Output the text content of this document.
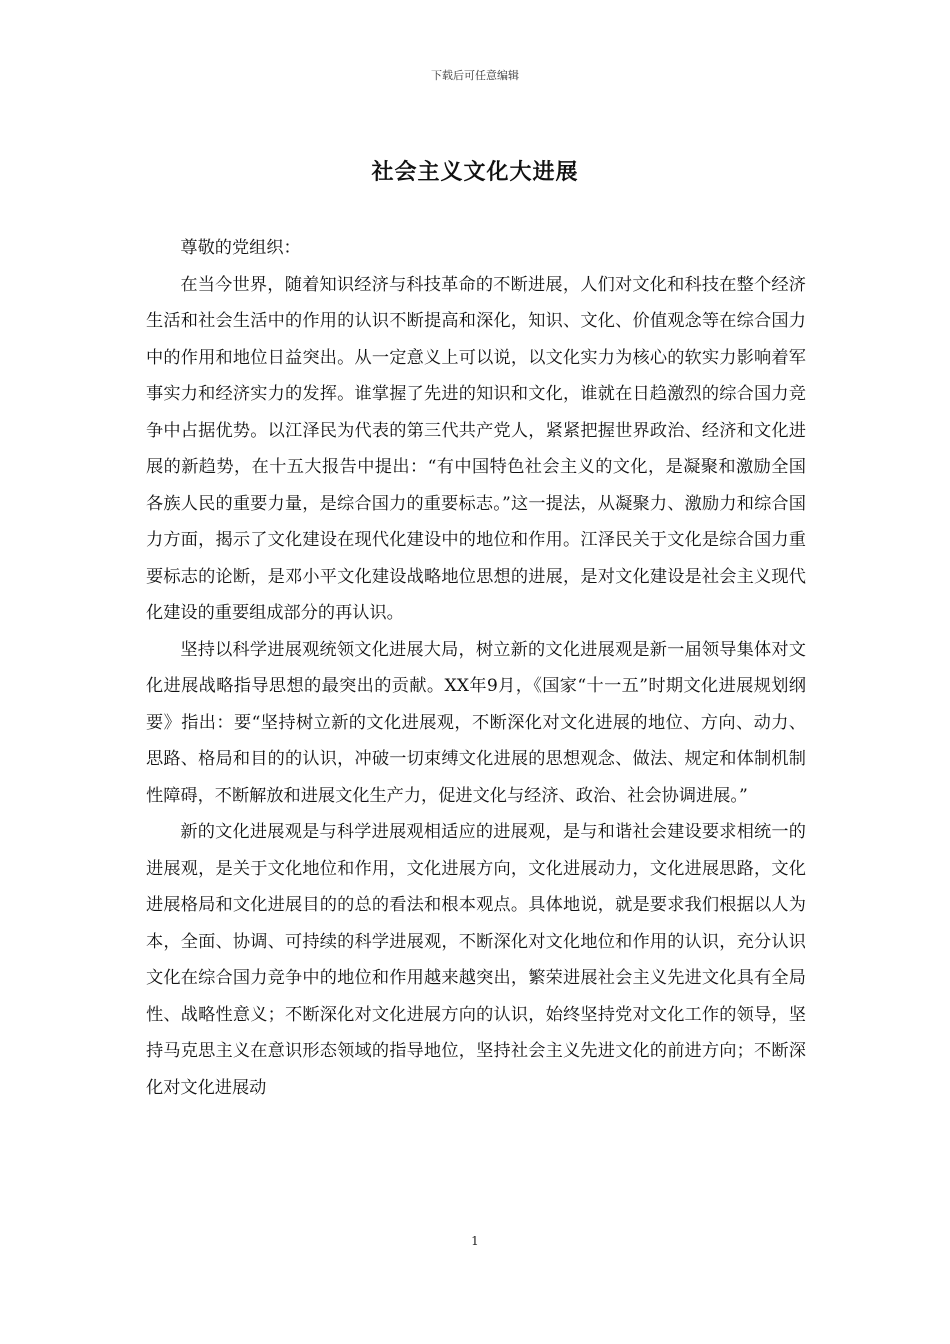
下载后可任意编辑
社会主义文化大进展

尊敬的党组织：

在当今世界，随着知识经济与科技革命的不断进展，人们对文化和科技在整个经济生活和社会生活中的作用的认识不断提高和深化，知识、文化、价值观念等在综合国力中的作用和地位日益突出。从一定意义上可以说，以文化实力为核心的软实力影响着军事实力和经济实力的发挥。谁掌握了先进的知识和文化，谁就在日趋激烈的综合国力竞争中占据优势。以江泽民为代表的第三代共产党人，紧紧把握世界政治、经济和文化进展的新趋势，在十五大报告中提出：“有中国特色社会主义的文化，是凝聚和激励全国各族人民的重要力量，是综合国力的重要标志。”这一提法，从凝聚力、激励力和综合国力方面，揭示了文化建设在现代化建设中的地位和作用。江泽民关于文化是综合国力重要标志的论断，是邓小平文化建设战略地位思想的进展，是对文化建设是社会主义现代化建设的重要组成部分的再认识。

坚持以科学进展观统领文化进展大局，树立新的文化进展观是新一届领导集体对文化进展战略指导思想的最突出的贡献。XX年9月，《国家“十一五”时期文化进展规划纲要》指出：要“坚持树立新的文化进展观，不断深化对文化进展的地位、方向、动力、思路、格局和目的的认识，冲破一切束缚文化进展的思想观念、做法、规定和体制机制性障碍，不断解放和进展文化生产力，促进文化与经济、政治、社会协调进展。”

新的文化进展观是与科学进展观相适应的进展观，是与和谐社会建设要求相统一的进展观，是关于文化地位和作用，文化进展方向，文化进展动力，文化进展思路，文化进展格局和文化进展目的的总的看法和根本观点。具体地说，就是要求我们根据以人为本，全面、协调、可持续的科学进展观，不断深化对文化地位和作用的认识，充分认识文化在综合国力竞争中的地位和作用越来越突出，繁荣进展社会主义先进文化具有全局性、战略性意义；不断深化对文化进展方向的认识，始终坚持党对文化工作的领导，坚持马克思主义在意识形态领域的指导地位，坚持社会主义先进文化的前进方向；不断深化对文化进展动

1
